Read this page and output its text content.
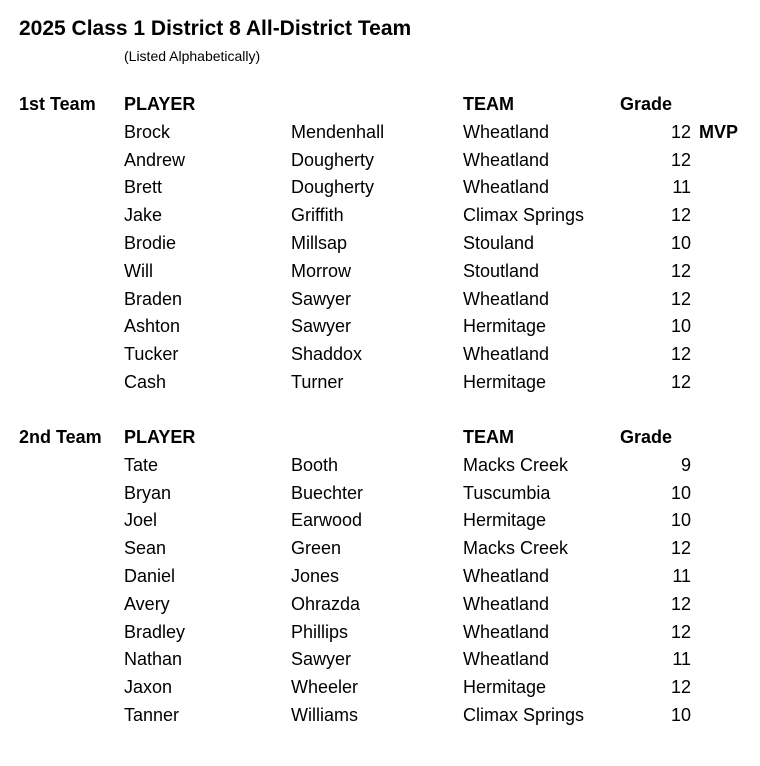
2025 Class 1 District 8 All-District Team
(Listed Alphabetically)
1st Team PLAYER	TEAM	Grade
Brock	Mendenhall	Wheatland	12 MVP
Andrew	Dougherty	Wheatland	12
Brett	Dougherty	Wheatland	11
Jake	Griffith	Climax Springs	12
Brodie	Millsap	Stouland	10
Will	Morrow	Stoutland	12
Braden	Sawyer	Wheatland	12
Ashton	Sawyer	Hermitage	10
Tucker	Shaddox	Wheatland	12
Cash	Turner	Hermitage	12
2nd Team PLAYER	TEAM	Grade
Tate	Booth	Macks Creek	9
Bryan	Buechter	Tuscumbia	10
Joel	Earwood	Hermitage	10
Sean	Green	Macks Creek	12
Daniel	Jones	Wheatland	11
Avery	Ohrazda	Wheatland	12
Bradley	Phillips	Wheatland	12
Nathan	Sawyer	Wheatland	11
Jaxon	Wheeler	Hermitage	12
Tanner	Williams	Climax Springs	10
